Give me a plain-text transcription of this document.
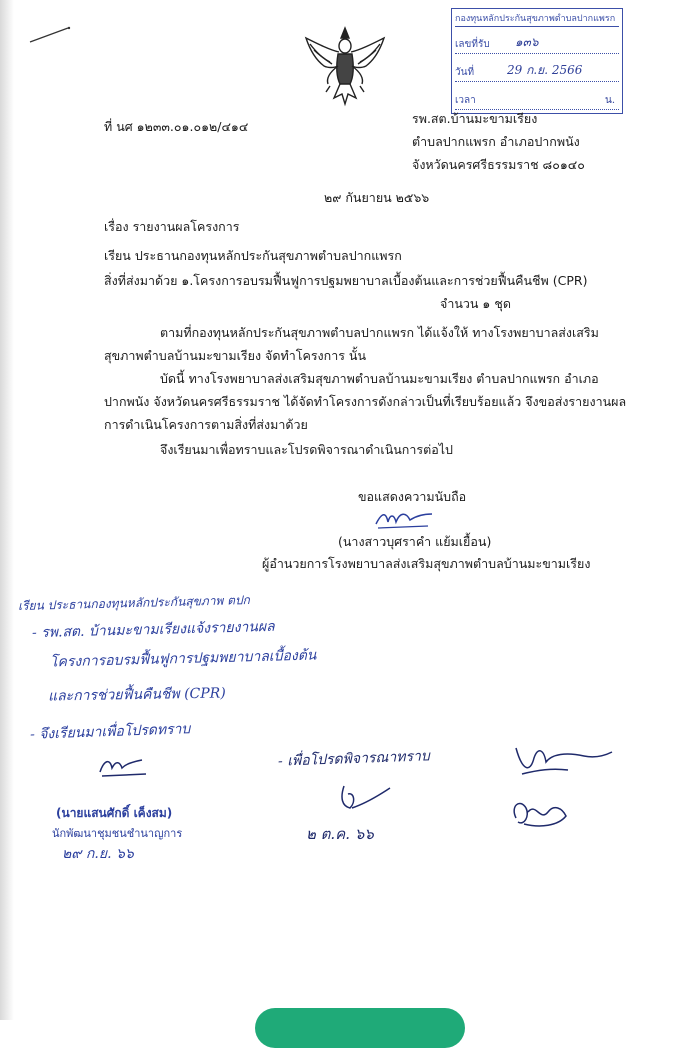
กองทุนหลักประกันสุขภาพตำบลปากแพรก
เลขที่รับ ๑๓๖
วันที่	29 ก.ย. 2566
เวลา	น.
ที่ นศ ๑๒๓๓.๐๑.๐๑๒/๔๑๔
รพ.สต.บ้านมะขามเรียง
ตำบลปากแพรก อำเภอปากพนัง
จังหวัดนครศรีธรรมราช ๘๐๑๔๐
๒๙ กันยายน ๒๕๖๖
เรื่อง รายงานผลโครงการ
เรียน ประธานกองทุนหลักประกันสุขภาพตำบลปากแพรก
สิ่งที่ส่งมาด้วย ๑.โครงการอบรมฟื้นฟูการปฐมพยาบาลเบื้องต้นและการช่วยฟื้นคืนชีพ (CPR)
จำนวน ๑ ชุด
ตามที่กองทุนหลักประกันสุขภาพตำบลปากแพรก ได้แจ้งให้ ทางโรงพยาบาลส่งเสริม
สุขภาพตำบลบ้านมะขามเรียง จัดทำโครงการ นั้น
บัดนี้ ทางโรงพยาบาลส่งเสริมสุขภาพตำบลบ้านมะขามเรียง ตำบลปากแพรก อำเภอ
ปากพนัง จังหวัดนครศรีธรรมราช ได้จัดทำโครงการดังกล่าวเป็นที่เรียบร้อยแล้ว จึงขอส่งรายงานผล
การดำเนินโครงการตามสิ่งที่ส่งมาด้วย
จึงเรียนมาเพื่อทราบและโปรดพิจารณาดำเนินการต่อไป
ขอแสดงความนับถือ
(นางสาวบุศราคำ แย้มเยื้อน)
ผู้อำนวยการโรงพยาบาลส่งเสริมสุขภาพตำบลบ้านมะขามเรียง
เรียน ประธานกองทุนหลักประกันสุขภาพ ตปก
- รพ.สต. บ้านมะขามเรียงแจ้งรายงานผล
โครงการอบรมฟื้นฟูการปฐมพยาบาลเบื้องต้น
และการช่วยฟื้นคืนชีพ (CPR)
- จึงเรียนมาเพื่อโปรดทราบ
(นายแสนศักดิ์ เค็งสม)
นักพัฒนาชุมชนชำนาญการ
๒๙ ก.ย. ๖๖
- เพื่อโปรดพิจารณาทราบ
๒ ต.ค. ๖๖
